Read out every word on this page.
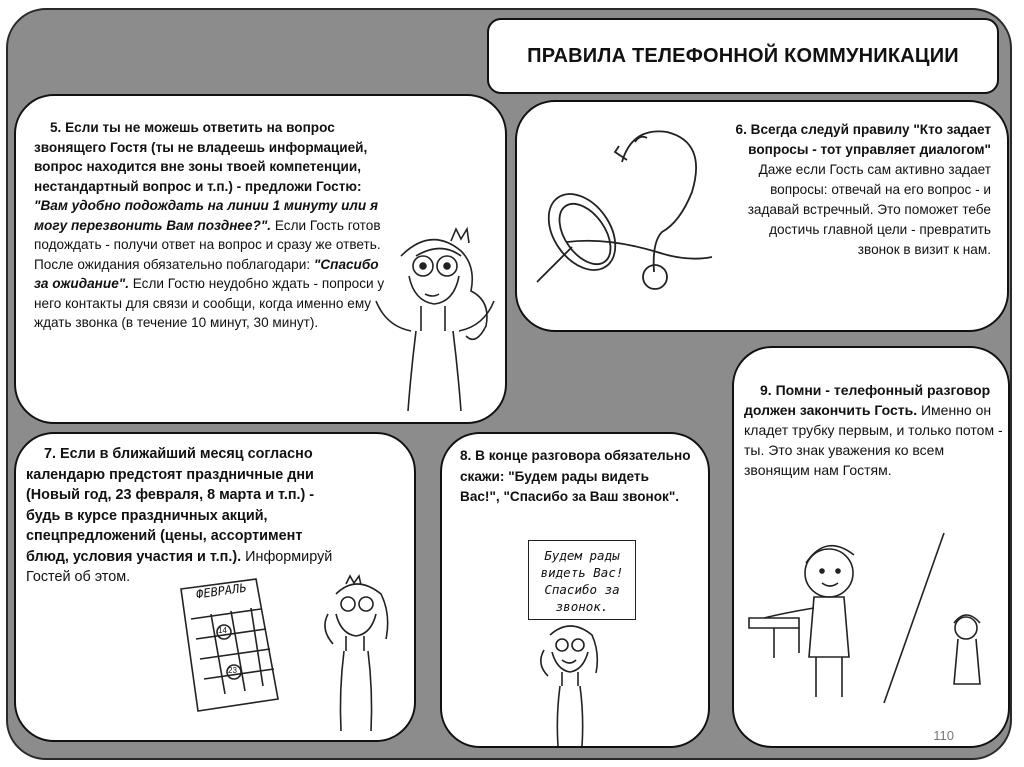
ПРАВИЛА ТЕЛЕФОННОЙ КОММУНИКАЦИИ
5. Если ты не можешь ответить на вопрос звонящего Гостя (ты не владеешь информацией, вопрос находится вне зоны твоей компетенции, нестандартный вопрос и т.п.) - предложи Гостю: "Вам удобно подождать на линии 1 минуту или я могу перезвонить Вам позднее?". Если Гость готов подождать - получи ответ на вопрос и сразу же ответь. После ожидания обязательно поблагодари: "Спасибо за ожидание". Если Гостю неудобно ждать - попроси у него контакты для связи и сообщи, когда именно ему ждать звонка (в течение 10 минут, 30 минут).
6. Всегда следуй правилу "Кто задает вопросы - тот управляет диалогом" Даже если Гость сам активно задает вопросы: отвечай на его вопрос - и задавай встречный. Это поможет тебе достичь главной цели - превратить звонок в визит к нам.
7. Если в ближайший месяц согласно календарю предстоят праздничные дни (Новый год, 23 февраля, 8 марта и т.п.) - будь в курсе праздничных акций, спецпредложений (цены, ассортимент блюд, условия участия и т.п.). Информируй Гостей об этом.
ФЕВРАЛЬ
14
23
8. В конце разговора обязательно скажи: "Будем рады видеть Вас!", "Спасибо за Ваш звонок".
Будем рады видеть Вас! Спасибо за звонок.
9. Помни - телефонный разговор должен закончить Гость. Именно он кладет трубку первым, и только потом - ты. Это знак уважения ко всем звонящим нам Гостям.
110
